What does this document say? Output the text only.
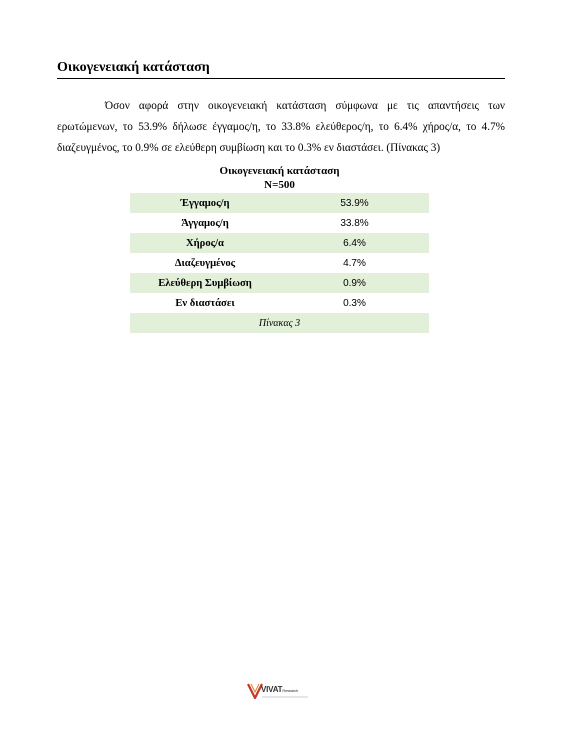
Οικογενειακή κατάσταση

Όσον αφορά στην οικογενειακή κατάσταση σύμφωνα με τις απαντήσεις των ερωτώμενων, το 53.9% δήλωσε έγγαμος/η, το 33.8% ελεύθερος/η, το 6.4% χήρος/α, το 4.7% διαζευγμένος, το 0.9% σε ελεύθερη συμβίωση και το 0.3% εν διαστάσει. (Πίνακας 3)

Οικογενειακή κατάσταση
N=500
Έγγαμος/η	53.9%
Άγγαμος/η	33.8%
Χήρος/α	6.4%
Διαζευγμένος	4.7%
Ελεύθερη Συμβίωση	0.9%
Εν διαστάσει	0.3%
Πίνακας 3	
VIVATResearch
